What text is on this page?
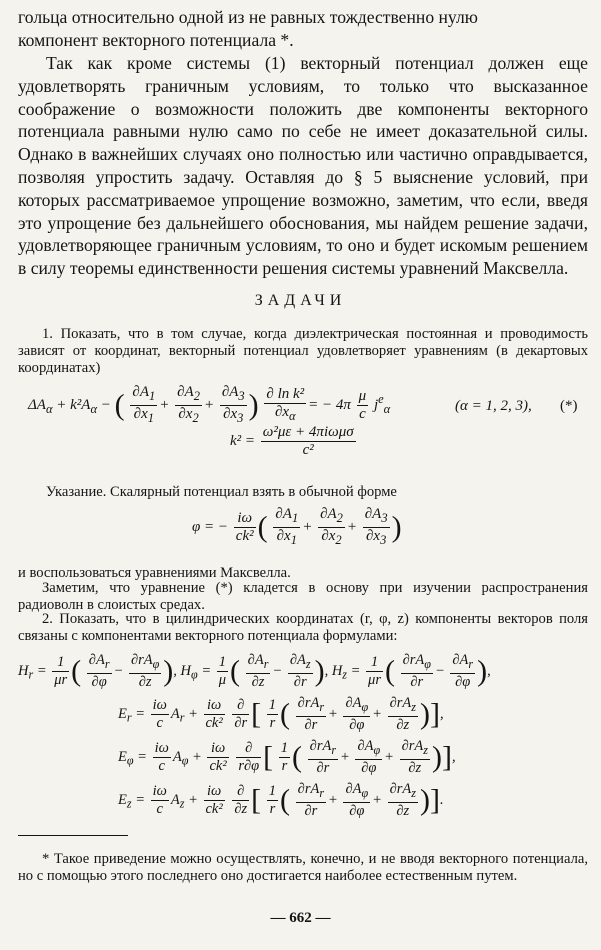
гольца относительно одной из не равных тождественно нулю

компонент векторного потенциала *.

Так как кроме системы (1) векторный потенциал должен еще удовлетворять граничным условиям, то только что высказанное соображение о возможности положить две компоненты векторного потенциала равными нулю само по себе не имеет доказательной силы. Однако в важнейших случаях оно полностью или частично оправдывается, позволяя упростить задачу. Оставляя до § 5 выяснение условий, при которых рассматриваемое упрощение возможно, заметим, что если, введя это упрощение без дальнейшего обоснования, мы найдем решение задачи, удовлетворяющее граничным условиям, то оно и будет искомым решением в силу теоремы единственности решения системы уравнений Максвелла.

ЗАДАЧИ

1. Показать, что в том случае, когда диэлектрическая постоянная и проводимость зависят от координат, векторный потенциал удовлетворяет уравнениям (в декартовых координатах)

$\Delta A_\alpha + k^2A_\alpha$ − ( $\frac{\partial A_1}{\partial x_1} + \frac{\partial A_2}{\partial x_2} + \frac{\partial A_3}{\partial x_3}$ ) $\frac{\text{∂ ln k²}}{\partial x_\alpha}$ = − $4\pi \frac{\mu}{c} j^e_\alpha$	(α = 1, 2, 3), (*)
$k^2 = \frac{\text{ω²με + 4πiωμσ}}{\text{c²}}$

Указание. Скалярный потенциал взять в обычной форме

φ = − $\frac{i\omega}{\text{ck²}}$ ( $\frac{\partial A_1}{\partial x_1} + \frac{\partial A_2}{\partial x_2} + \frac{\partial A_3}{\partial x_3}$ )

и воспользоваться уравнениями Максвелла.

Заметим, что уравнение (*) кладется в основу при изучении распространения радиоволн в слоистых средах.

2. Показать, что в цилиндрических координатах (r, φ, z) компоненты векторов поля связаны с компонентами векторного потенциала формулами:

$H_r = \frac{1}{\mu r}$ ( $\frac{\partial A_r}{\partial\varphi} - \frac{\partial rA_\varphi}{\partial z}$ ), $H_\varphi = \frac{1}{\mu}$ ( $\frac{\partial A_r}{\partial z} - \frac{\partial A_z}{\partial r}$ ), $H_z = \frac{1}{\mu r}$ ( $\frac{\partial rA_\varphi}{\partial r} - \frac{\partial A_r}{\partial\varphi}$ ),
$E_r = \frac{i\omega}{c} A_r + \frac{i\omega}{\text{ck²}}$
$\frac{\partial}{\partial r}$ [ $\frac{1}{r}$ ( $\frac{\partial rA_r}{\partial r} + \frac{\partial A_\varphi}{\partial\varphi} + \frac{\partial rA_z}{\partial z}$ )],
$E_\varphi = \frac{i\omega}{c} A_\varphi + \frac{i\omega}{\text{ck²}}$
$\frac{\partial}{r\partial\varphi}$ [ $\frac{1}{r}$ ( $\frac{\partial rA_r}{\partial r} + \frac{\partial A_\varphi}{\partial\varphi} + \frac{\partial rA_z}{\partial z}$ )],
$E_z = \frac{i\omega}{c} A_z + \frac{i\omega}{\text{ck²}}$
$\frac{\partial}{\partial z}$ [ $\frac{1}{r}$ ( $\frac{\partial rA_r}{\partial r} + \frac{\partial A_\varphi}{\partial\varphi} + \frac{\partial rA_z}{\partial z}$ )].

* Такое приведение можно осуществлять, конечно, и не вводя векторного потенциала, но с помощью этого последнего оно достигается наиболее естественным путем.

— 662 —
